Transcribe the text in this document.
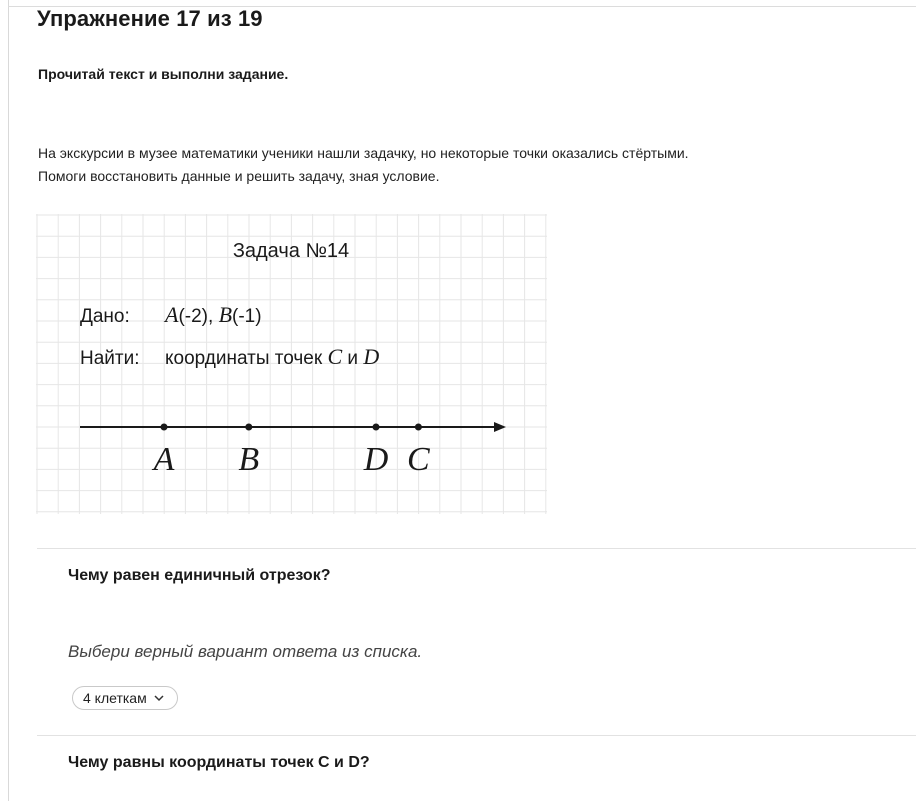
Упражнение 17 из 19

Прочитай текст и выполни задание.

На экскурсии в музее математики ученики нашли задачку, но некоторые точки оказались стёртыми.
Помоги восстановить данные и решить задачу, зная условие.
Задача №14
Дано: A(-2), B(-1)
Найти: координаты точек C и D
A B	D C

Чему равен единичный отрезок?

Выбери верный вариант ответа из списка.

4 клеткам

Чему равны координаты точек C и D?
